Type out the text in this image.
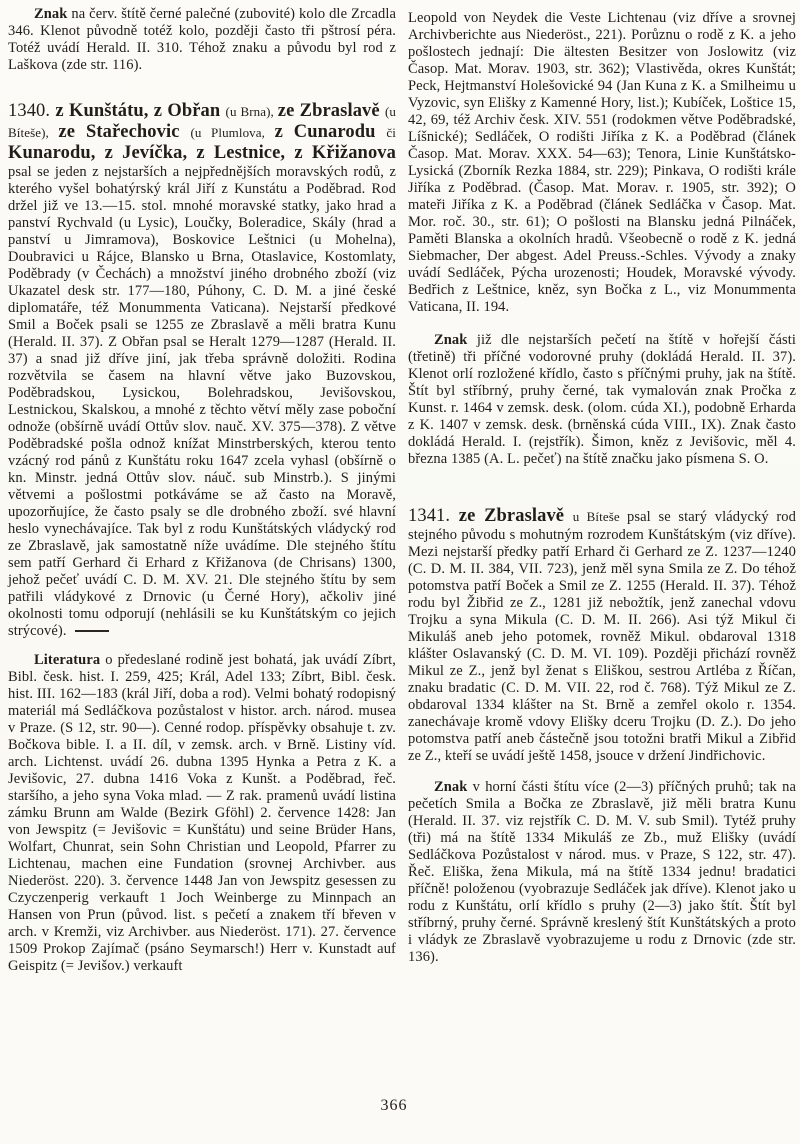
Znak na červ. štítě černé palečné (zubovité) kolo dle Zrcadla 346. Klenot původně totéž kolo, později často tři pštrosí péra. Totéž uvádí Herald. II. 310. Téhož znaku a původu byl rod z Laškova (zde str. 116).

1340. z Kunštátu, z Obřan (u Brna), ze Zbraslavě (u Bíteše), ze Stařechovic (u Plumlova, z Cunarodu či Kunarodu, z Jevíčka, z Lestnice, z Křižanova psal se jeden z nejstarších a nejpřednějších moravských rodů, z kterého vyšel bohatýrský král Jiří z Kunstátu a Poděbrad. Rod držel již ve 13.—15. stol. mnohé moravské statky, jako hrad a panství Rychvald (u Lysic), Loučky, Boleradice, Skály (hrad a panství u Jimramova), Boskovice Leštnici (u Mohelna), Doubravici u Rájce, Blansko u Brna, Otaslavice, Kostomlaty, Poděbrady (v Čechách) a množství jiného drobného zboží (viz Ukazatel desk str. 177—180, Púhony, C. D. M. a jiné české diplomatáře, též Monummenta Vaticana). Nejstarší předkové Smil a Boček psali se 1255 ze Zbraslavě a měli bratra Kunu (Herald. II. 37). Z Obřan psal se Heralt 1279—1287 (Herald. II. 37) a snad již dříve jiní, jak třeba správně doložiti. Rodina rozvětvila se časem na hlavní větve jako Buzovskou, Poděbradskou, Lysickou, Bolehradskou, Jevišovskou, Lestnickou, Skalskou, a mnohé z těchto větví měly zase poboční odnože (obšírně uvádí Ottův slov. nauč. XV. 375—378). Z větve Poděbradské pošla odnož knížat Minstrberských, kterou tento vzácný rod pánů z Kunštátu roku 1647 zcela vyhasl (obšírně o kn. Minstr. jedná Ottův slov. náuč. sub Minstrb.). S jinými větvemi a pošlostmi potkáváme se až často na Moravě, upozorňujíce, že často psaly se dle drobného zboží. své hlavní heslo vynechávajíce. Tak byl z rodu Kunštátských vládycký rod ze Zbraslavě, jak samostatně níže uvádíme. Dle stejného štítu sem patří Gerhard či Erhard z Křižanova (de Chrisans) 1300, jehož pečeť uvádí C. D. M. XV. 21. Dle stejného štítu by sem patřili vládykové z Drnovic (u Černé Hory), ačkoliv jiné okolnosti tomu odporují (nehlásili se ku Kunštátským co jejich strýcové).

Literatura o předeslané rodině jest bohatá, jak uvádí Zíbrt, Bibl. česk. hist. I. 259, 425; Král, Adel 133; Zíbrt, Bibl. česk. hist. III. 162—183 (král Jiří, doba a rod). Velmi bohatý rodopisný materiál má Sedláčkova pozůstalost v histor. arch. národ. musea v Praze. (S 12, str. 90—). Cenné rodop. příspěvky obsahuje t. zv. Bočkova bible. I. a II. díl, v zemsk. arch. v Brně. Listiny víd. arch. Lichtenst. uvádí 26. dubna 1395 Hynka a Petra z K. a Jevišovic, 27. dubna 1416 Voka z Kunšt. a Poděbrad, řeč. staršího, a jeho syna Voka mlad. — Z rak. pramenů uvádí listina zámku Brunn am Walde (Bezirk Gföhl) 2. července 1428: Jan von Jewspitz (= Jevišovic = Kunštátu) und seine Brüder Hans, Wolfart, Chunrat, sein Sohn Christian und Leopold, Pfarrer zu Lichtenau, machen eine Fundation (srovnej Archivber. aus Niederöst. 220). 3. července 1448 Jan von Jewspitz gesessen zu Czyczenperig verkauft 1 Joch Weinberge zu Minnpach an Hansen von Prun (původ. list. s pečetí a znakem tří břeven v arch. v Kremži, viz Archivber. aus Niederöst. 171). 27. července 1509 Prokop Zajímač (psáno Seymarsch!) Herr v. Kunstadt auf Geispitz (= Jevišov.) verkauft

Leopold von Neydek die Veste Lichtenau (viz dříve a srovnej Archivberichte aus Niederöst., 221). Porůznu o rodě z K. a jeho pošlostech jednají: Die ältesten Besitzer von Joslowitz (viz Časop. Mat. Morav. 1903, str. 362); Vlastivěda, okres Kunštát; Peck, Hejtmanství Holešovické 94 (Jan Kuna z K. a Smilheimu u Vyzovic, syn Elišky z Kamenné Hory, list.); Kubíček, Loštice 15, 42, 69, též Archiv česk. XIV. 551 (rodokmen větve Poděbradské, Líšnické); Sedláček, O rodišti Jiříka z K. a Poděbrad (článek Časop. Mat. Morav. XXX. 54—63); Tenora, Linie Kunštátsko-Lysická (Zborník Rezka 1884, str. 229); Pinkava, O rodišti krále Jiříka z Poděbrad. (Časop. Mat. Morav. r. 1905, str. 392); O mateři Jiříka z K. a Poděbrad (článek Sedláčka v Časop. Mat. Mor. roč. 30., str. 61); O pošlosti na Blansku jedná Pilnáček, Paměti Blanska a okolních hradů. Všeobecně o rodě z K. jedná Siebmacher, Der abgest. Adel Preuss.-Schles. Vývody a znaky uvádí Sedláček, Pýcha urozenosti; Houdek, Moravské vývody. Bedřich z Leštnice, kněz, syn Bočka z L., viz Monummenta Vaticana, II. 194.

Znak již dle nejstarších pečetí na štítě v hořejší části (třetině) tři příčné vodorovné pruhy (dokládá Herald. II. 37). Klenot orlí rozložené křídlo, často s příčnými pruhy, jak na štítě. Štít byl stříbrný, pruhy černé, tak vymalován znak Pročka z Kunst. r. 1464 v zemsk. desk. (olom. cúda XI.), podobně Erharda z K. 1407 v zemsk. desk. (brněnská cúda VIII., IX). Znak často dokládá Herald. I. (rejstřík). Šimon, kněz z Jevišovic, měl 4. března 1385 (A. L. pečeť) na štítě značku jako písmena S. O.

1341. ze Zbraslavě u Bíteše psal se starý vládycký rod stejného původu s mohutným rozrodem Kunštátským (viz dříve). Mezi nejstarší předky patří Erhard či Gerhard ze Z. 1237—1240 (C. D. M. II. 384, VII. 723), jenž měl syna Smila ze Z. Do téhož potomstva patří Boček a Smil ze Z. 1255 (Herald. II. 37). Téhož rodu byl Žibřid ze Z., 1281 již nebožtík, jenž zanechal vdovu Trojku a syna Mikula (C. D. M. II. 266). Asi týž Mikul či Mikuláš aneb jeho potomek, rovněž Mikul. obdaroval 1318 klášter Oslavanský (C. D. M. VI. 109). Později přichází rovněž Mikul ze Z., jenž byl ženat s Eliškou, sestrou Artléba z Říčan, znaku bradatic (C. D. M. VII. 22, rod č. 768). Týž Mikul ze Z. obdaroval 1334 klášter na St. Brně a zemřel okolo r. 1354. zanechávaje kromě vdovy Elišky dceru Trojku (D. Z.). Do jeho potomstva patří aneb částečně jsou totožni bratři Mikul a Zibřid ze Z., kteří se uvádí ještě 1458, jsouce v držení Jindřichovic.

Znak v horní části štítu více (2—3) příčných pruhů; tak na pečetích Smila a Bočka ze Zbraslavě, již měli bratra Kunu (Herald. II. 37. viz rejstřík C. D. M. V. sub Smil). Tytéž pruhy (tři) má na štítě 1334 Mikuláš ze Zb., muž Elišky (uvádí Sedláčkova Pozůstalost v národ. mus. v Praze, S 122, str. 47). Řeč. Eliška, žena Mikula, má na štítě 1334 jednu! bradatici příčně! položenou (vyobrazuje Sedláček jak dříve). Klenot jako u rodu z Kunštátu, orlí křídlo s pruhy (2—3) jako štít. Štít byl stříbrný, pruhy černé. Správně kreslený štít Kunštátských a proto i vládyk ze Zbraslavě vyobrazujeme u rodu z Drnovic (zde str. 136).

366
